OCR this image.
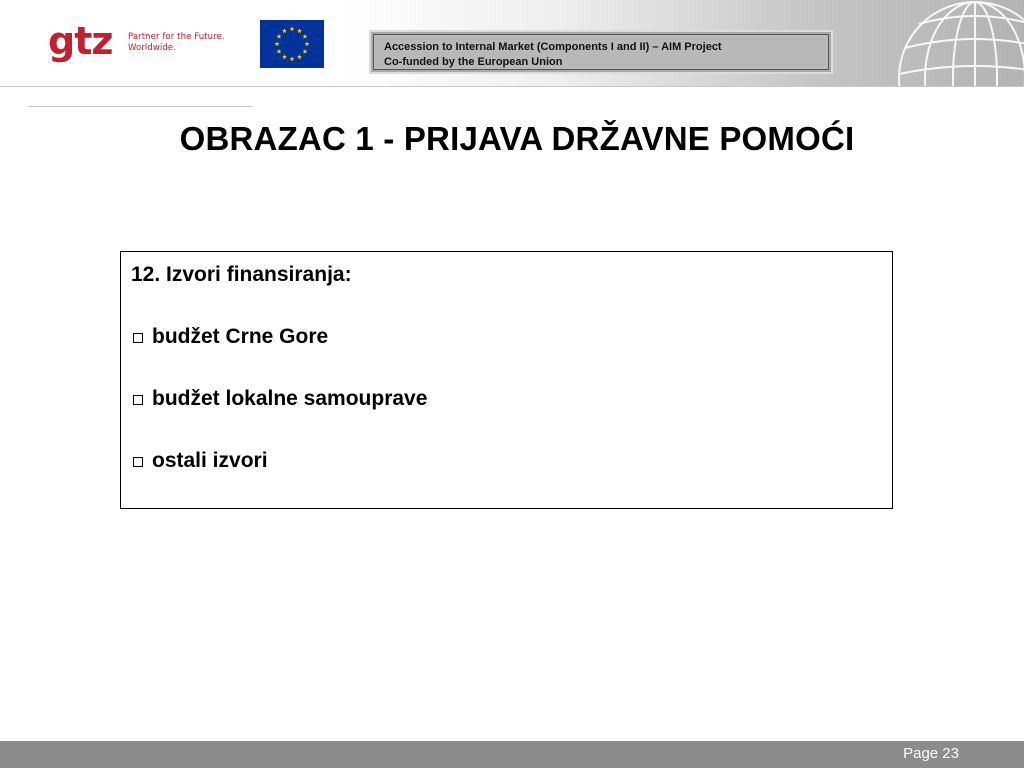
gtz Partner for the Future.
Worldwide.	Accession to Internal Market (Components I and II) – AIM Project
Co-funded by the European Union
OBRAZAC 1 - PRIJAVA DRŽAVNE POMOĆI

12. Izvori finansiranja:

budžet Crne Gore
budžet lokalne samouprave
ostali izvori
Page 23
